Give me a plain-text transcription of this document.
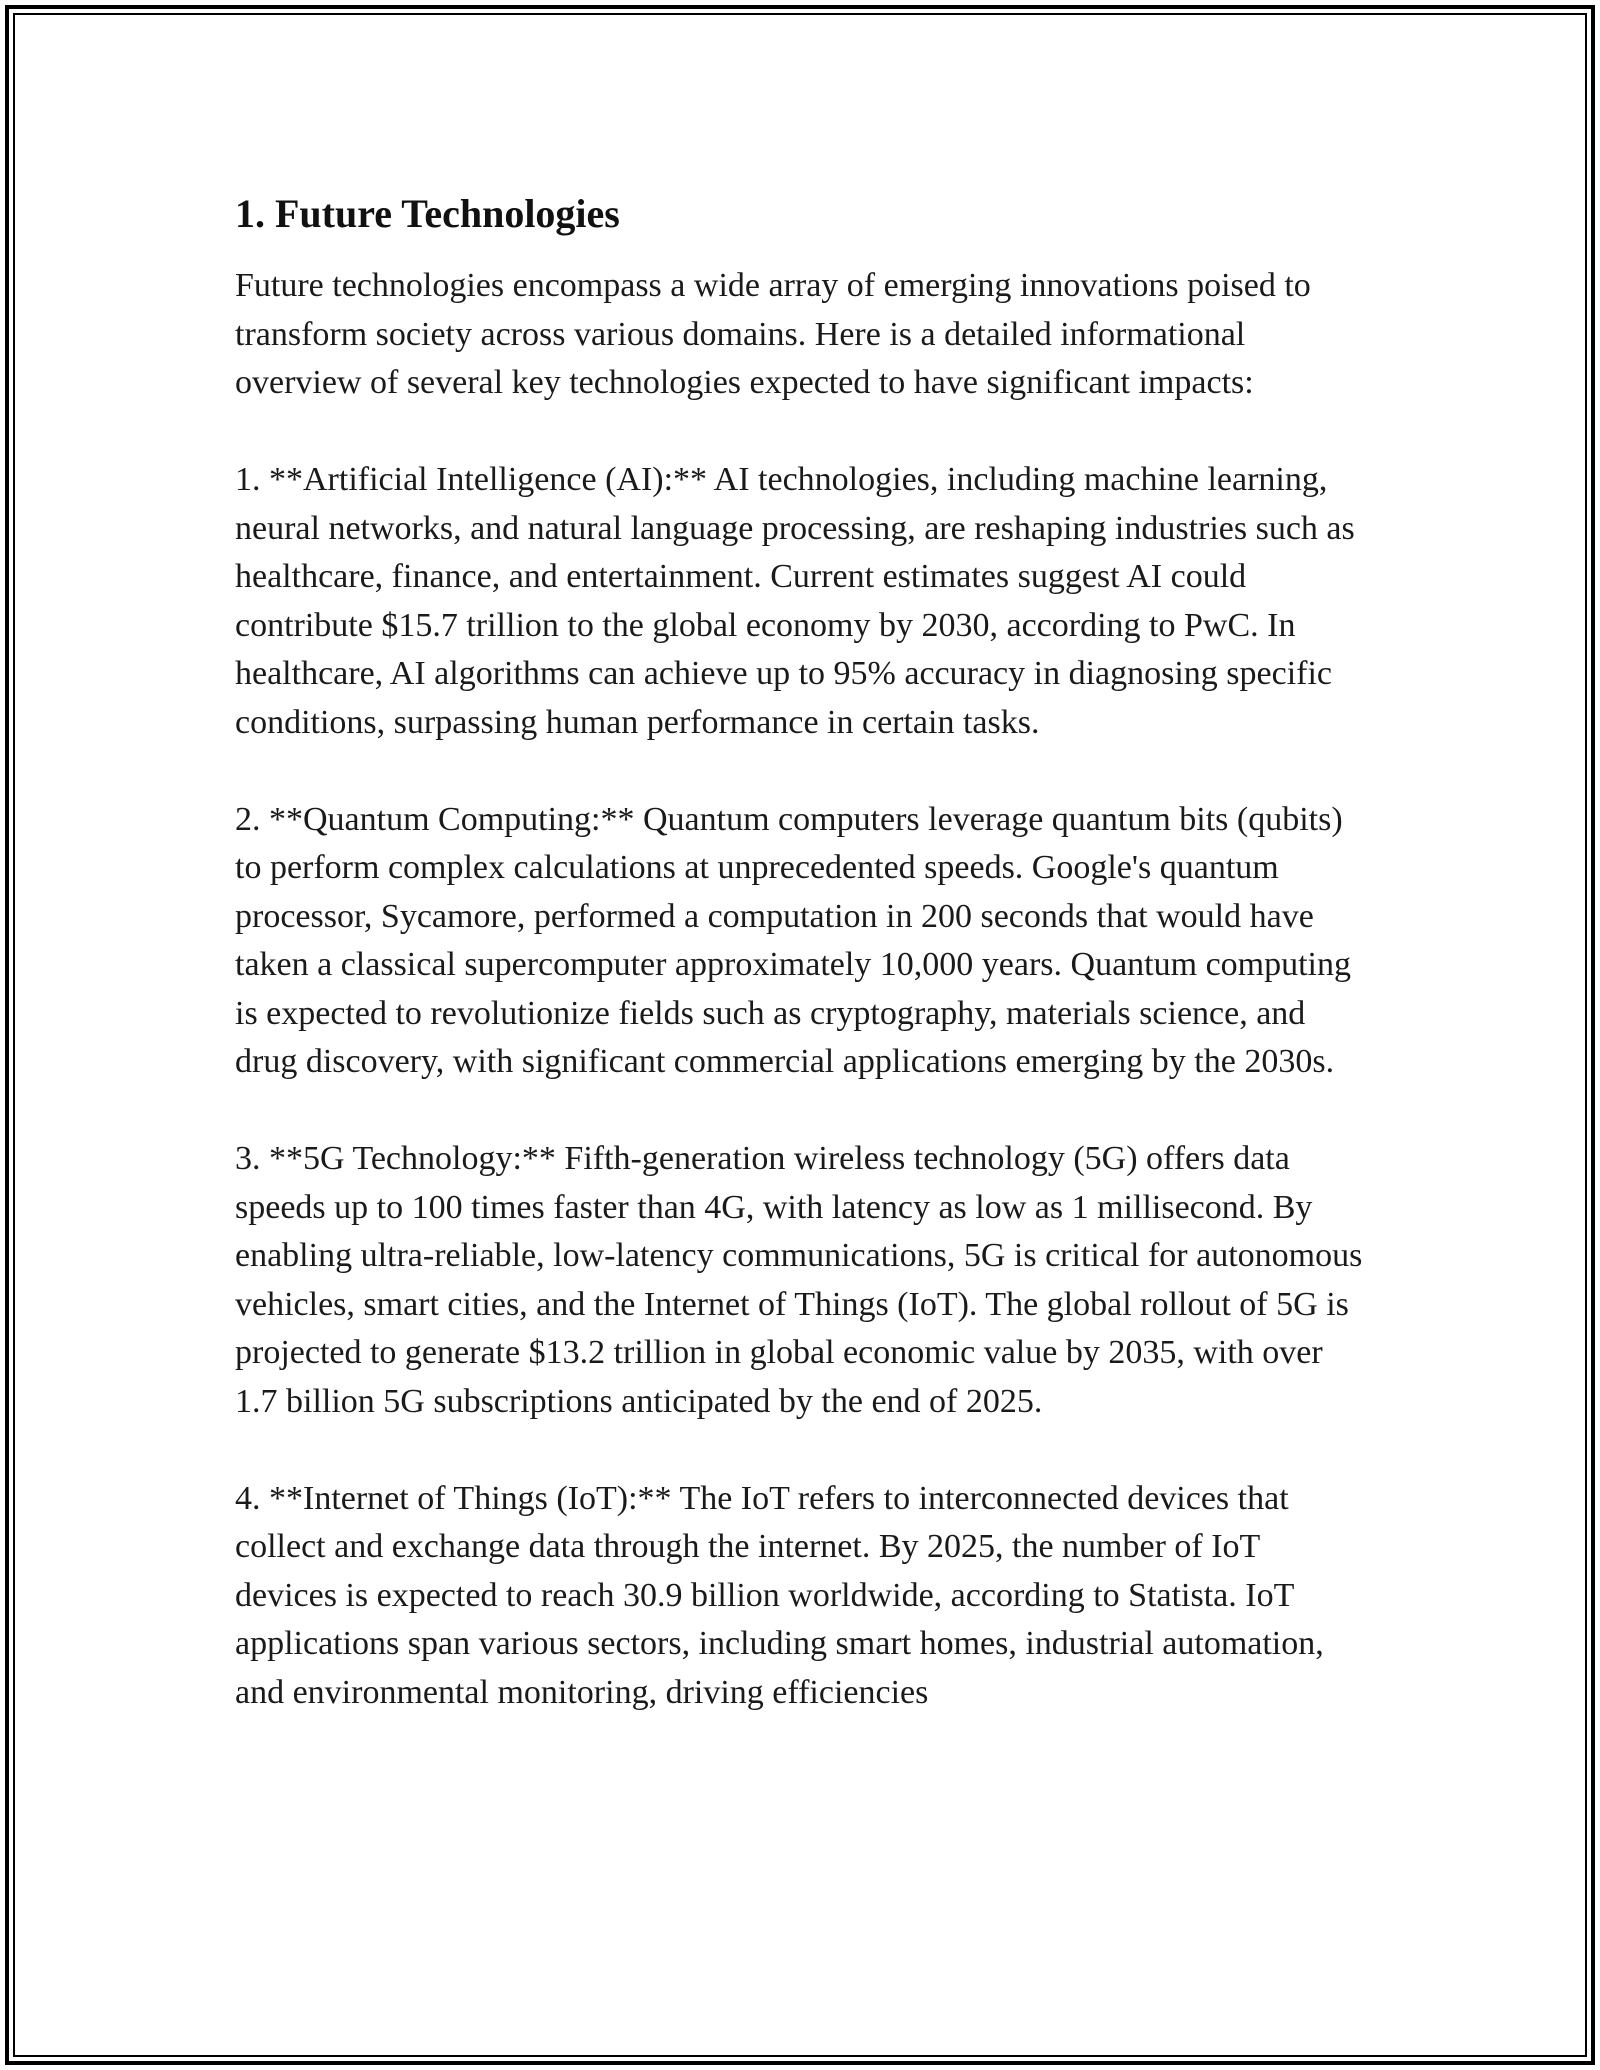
1. Future Technologies

Future technologies encompass a wide array of emerging innovations poised to transform society across various domains. Here is a detailed informational overview of several key technologies expected to have significant impacts:

1. **Artificial Intelligence (AI):** AI technologies, including machine learning, neural networks, and natural language processing, are reshaping industries such as healthcare, finance, and entertainment. Current estimates suggest AI could contribute $15.7 trillion to the global economy by 2030, according to PwC. In healthcare, AI algorithms can achieve up to 95% accuracy in diagnosing specific conditions, surpassing human performance in certain tasks.

2. **Quantum Computing:** Quantum computers leverage quantum bits (qubits) to perform complex calculations at unprecedented speeds. Google's quantum processor, Sycamore, performed a computation in 200 seconds that would have taken a classical supercomputer approximately 10,000 years. Quantum computing is expected to revolutionize fields such as cryptography, materials science, and drug discovery, with significant commercial applications emerging by the 2030s.

3. **5G Technology:** Fifth-generation wireless technology (5G) offers data speeds up to 100 times faster than 4G, with latency as low as 1 millisecond. By enabling ultra-reliable, low-latency communications, 5G is critical for autonomous vehicles, smart cities, and the Internet of Things (IoT). The global rollout of 5G is projected to generate $13.2 trillion in global economic value by 2035, with over 1.7 billion 5G subscriptions anticipated by the end of 2025.

4. **Internet of Things (IoT):** The IoT refers to interconnected devices that collect and exchange data through the internet. By 2025, the number of IoT devices is expected to reach 30.9 billion worldwide, according to Statista. IoT applications span various sectors, including smart homes, industrial automation, and environmental monitoring, driving efficiencies
